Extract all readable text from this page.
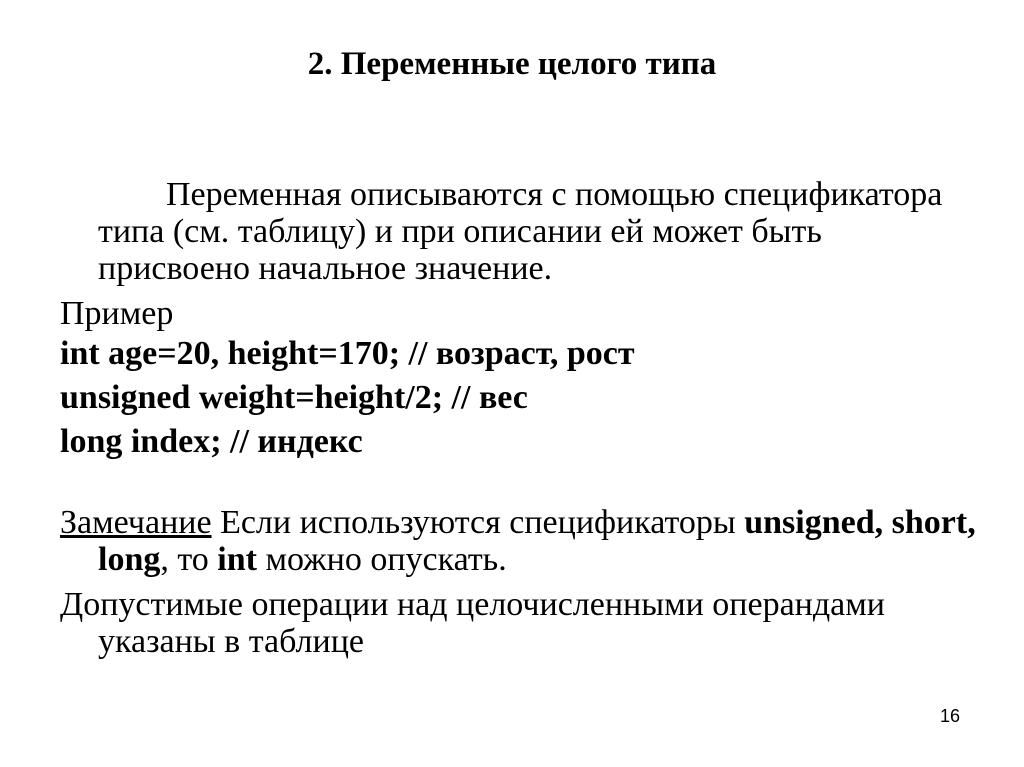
2. Переменные целого типа

Переменная описываются с помощью спецификатора типа (см. таблицу) и при описании ей может быть присвоено начальное значение.

Пример

int age=20, height=170; // возраст, рост

unsigned weight=height/2; // вес

long index; // индекс

Замечание Если используются спецификаторы unsigned, short, long, то int можно опускать.

Допустимые операции над целочисленными операндами указаны в таблице

16
